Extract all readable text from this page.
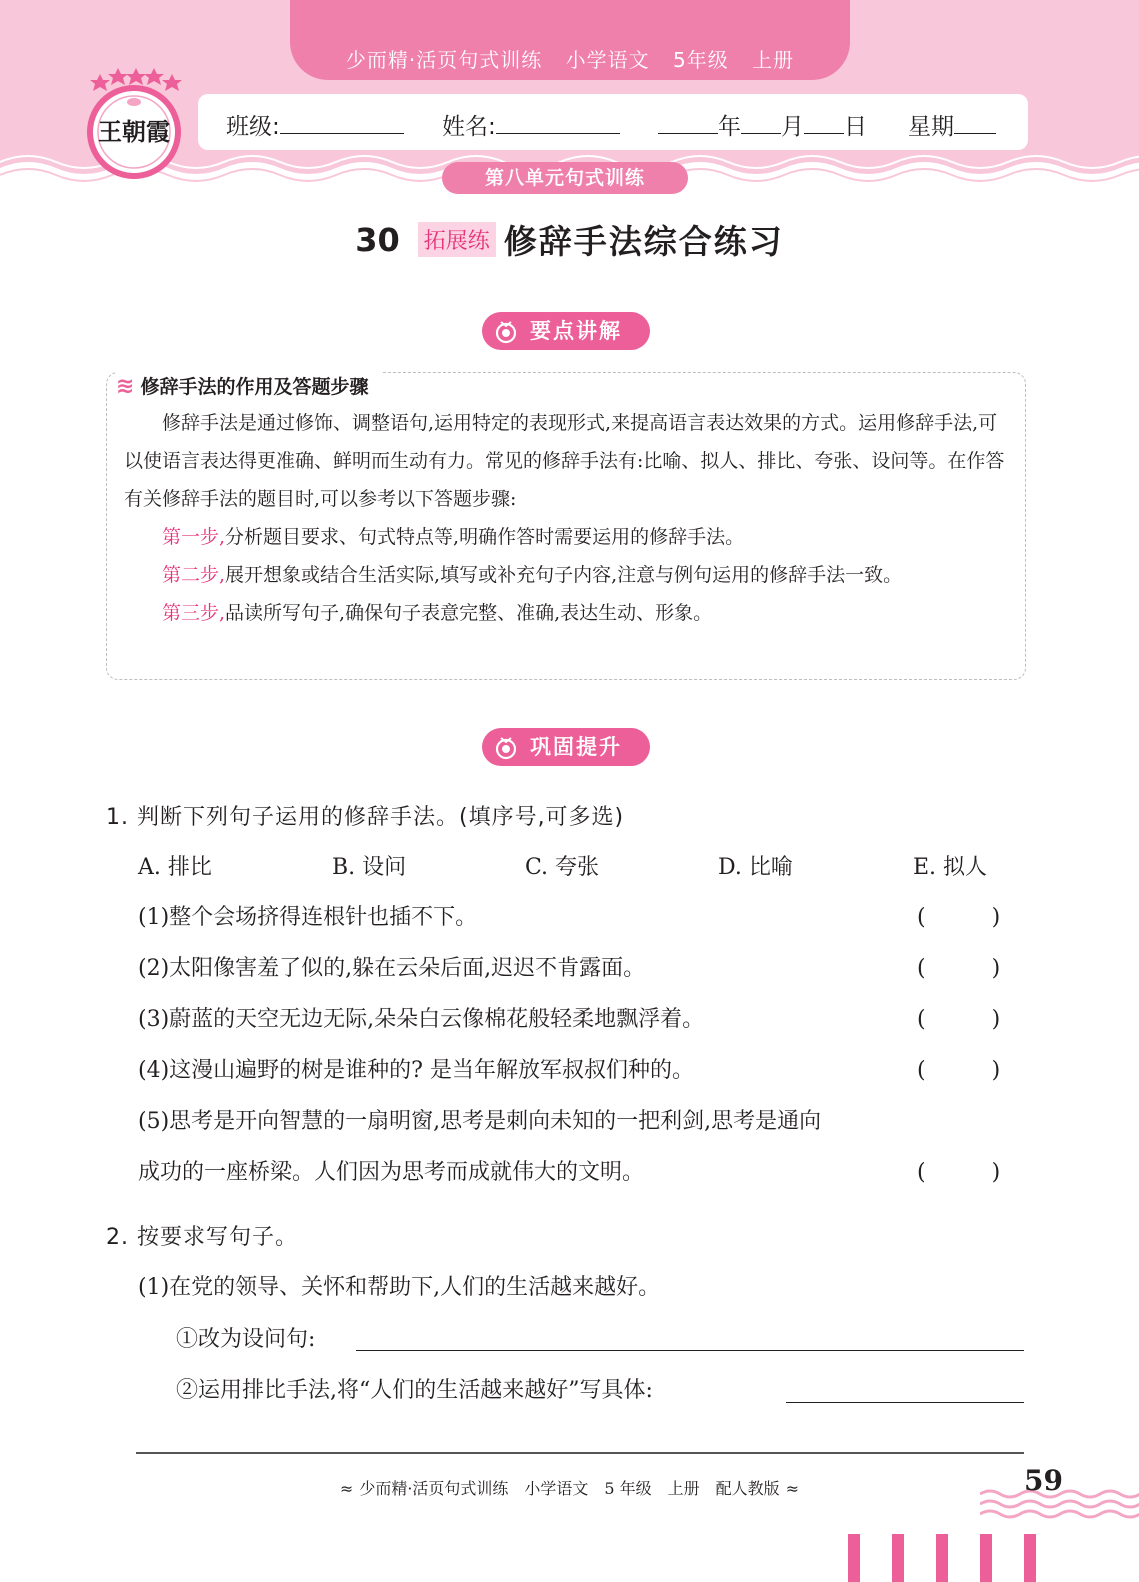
少而精·活页句式训练 小学语文 5年级 上册
王朝霞 班级:	姓名:	年 月 日 星期
第八单元句式训练
30 拓展练 修辞手法综合练习
要点讲解
≋ 修辞手法的作用及答题步骤

修辞手法是通过修饰、调整语句,运用特定的表现形式,来提高语言表达效果的方式。运用修辞手法,可以使语言表达得更准确、鲜明而生动有力。常见的修辞手法有:比喻、拟人、排比、夸张、设问等。在作答有关修辞手法的题目时,可以参考以下答题步骤:

第一步,分析题目要求、句式特点等,明确作答时需要运用的修辞手法。

第二步,展开想象或结合生活实际,填写或补充句子内容,注意与例句运用的修辞手法一致。

第三步,品读所写句子,确保句子表意完整、准确,表达生动、形象。

巩固提升
1. 判断下列句子运用的修辞手法。(填序号,可多选)
A. 排比	B. 设问	C. 夸张	D. 比喻	E. 拟人
(1)整个会场挤得连根针也插不下。	(　　　)
(2)太阳像害羞了似的,躲在云朵后面,迟迟不肯露面。	(　　　)
(3)蔚蓝的天空无边无际,朵朵白云像棉花般轻柔地飘浮着。	(　　　)
(4)这漫山遍野的树是谁种的? 是当年解放军叔叔们种的。	(　　　)
(5)思考是开向智慧的一扇明窗,思考是刺向未知的一把利剑,思考是通向
成功的一座桥梁。人们因为思考而成就伟大的文明。	(　　　)
2. 按要求写句子。
(1)在党的领导、关怀和帮助下,人们的生活越来越好。
①改为设问句:
②运用排比手法,将“人们的生活越来越好”写具体:
≈ 少而精·活页句式训练　小学语文　5 年级　上册　配人教版 ≈	59
